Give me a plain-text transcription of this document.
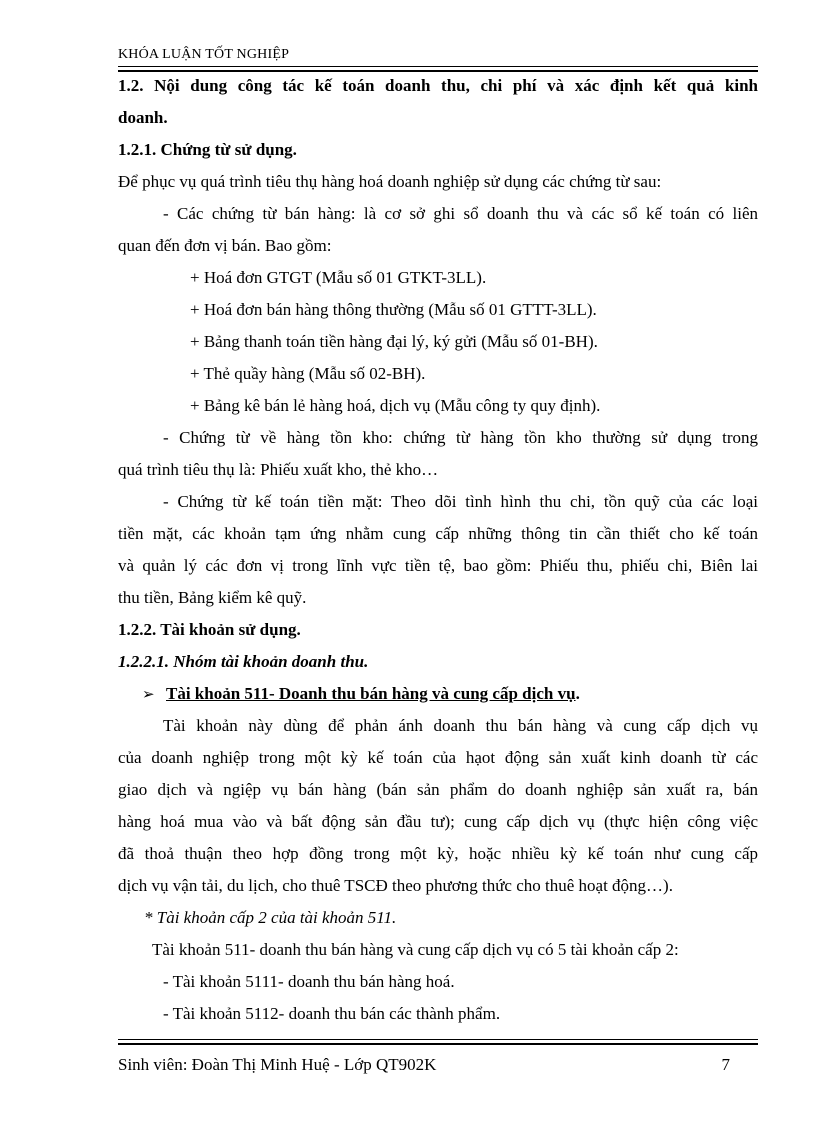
KHÓA LUẬN TỐT NGHIỆP
1.2. Nội dung công tác kế toán doanh thu, chi phí và xác định kết quả kinh
doanh.
1.2.1. Chứng từ sử dụng.
Để phục vụ quá trình tiêu thụ hàng hoá doanh nghiệp sử dụng các chứng từ sau:
- Các chứng từ bán hàng: là cơ sở ghi sổ doanh thu và các sổ kế toán có liên
quan đến đơn vị bán. Bao gồm:
+ Hoá đơn GTGT (Mẫu số 01 GTKT-3LL).
+ Hoá đơn bán hàng thông thường (Mẫu số 01 GTTT-3LL).
+ Bảng thanh toán tiền hàng đại lý, ký gửi (Mẫu số 01-BH).
+ Thẻ quầy hàng (Mẫu số 02-BH).
+ Bảng kê bán lẻ hàng hoá, dịch vụ (Mẫu công ty quy định).
- Chứng từ về hàng tồn kho: chứng từ hàng tồn kho thường sử dụng trong
quá trình tiêu thụ là: Phiếu xuất kho, thẻ kho…
- Chứng từ kế toán tiền mặt: Theo dõi tình hình thu chi, tồn quỹ của các loại
tiền mặt, các khoản tạm ứng nhằm cung cấp những thông tin cần thiết cho kế toán
và quản lý các đơn vị trong lĩnh vực tiền tệ, bao gồm: Phiếu thu, phiếu chi, Biên lai
thu tiền, Bảng kiểm kê quỹ.
1.2.2. Tài khoản sử dụng.
1.2.2.1. Nhóm tài khoản doanh thu.
➢ Tài khoản 511- Doanh thu bán hàng và cung cấp dịch vụ.
Tài khoản này dùng để phản ánh doanh thu bán hàng và cung cấp dịch vụ
của doanh nghiệp trong một kỳ kế toán của hạot động sản xuất kinh doanh từ các
giao dịch và ngiệp vụ bán hàng (bán sản phẩm do doanh nghiệp sản xuất ra, bán
hàng hoá mua vào và bất động sản đầu tư); cung cấp dịch vụ (thực hiện công việc
đã thoả thuận theo hợp đồng trong một kỳ, hoặc nhiều kỳ kế toán như cung cấp
dịch vụ vận tải, du lịch, cho thuê TSCĐ theo phương thức cho thuê hoạt động…).
* Tài khoản cấp 2 của tài khoản 511.
Tài khoản 511- doanh thu bán hàng và cung cấp dịch vụ có 5 tài khoản cấp 2:
- Tài khoản 5111- doanh thu bán hàng hoá.
- Tài khoản 5112- doanh thu bán các thành phẩm.
Sinh viên: Đoàn Thị Minh Huệ - Lớp QT902K	7
